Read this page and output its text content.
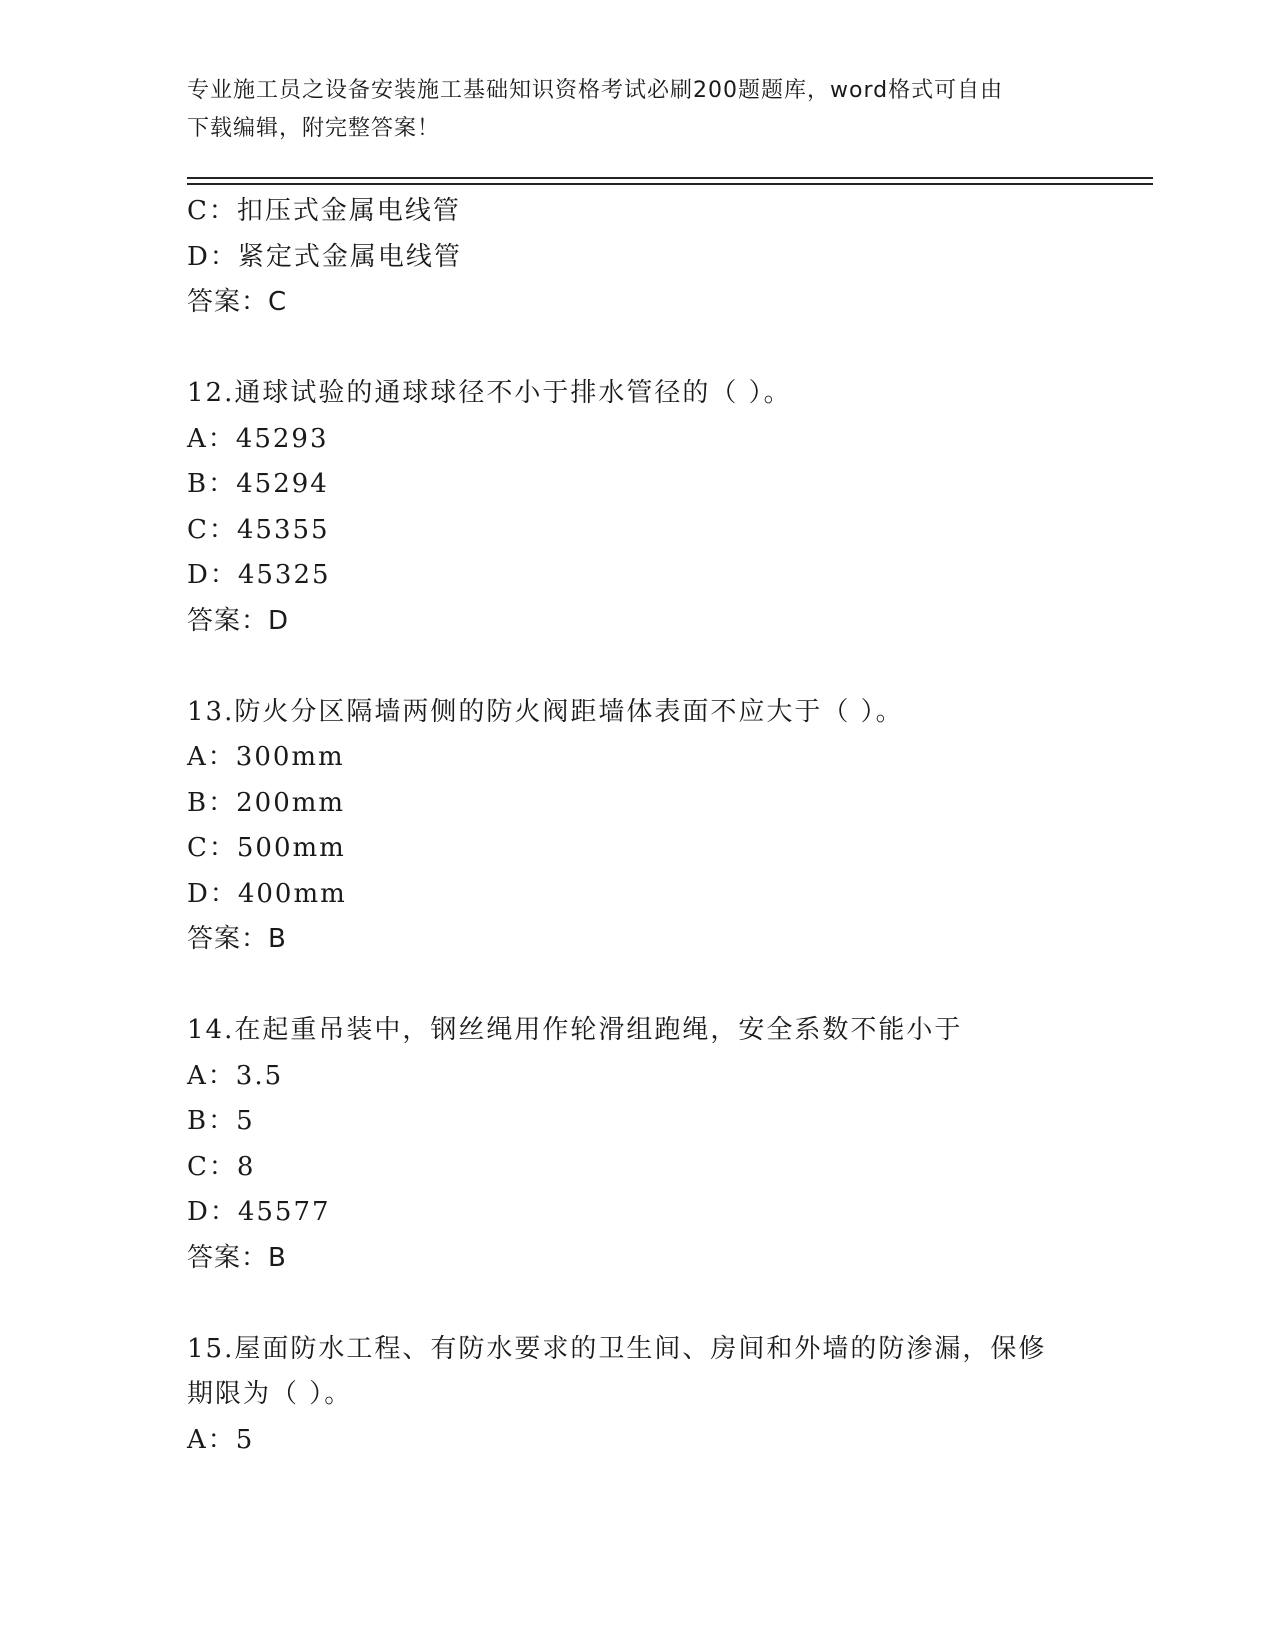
专业施工员之设备安装施工基础知识资格考试必刷200题题库，word格式可自由
下载编辑，附完整答案！
C：扣压式金属电线管
D：紧定式金属电线管
答案：C
12.通球试验的通球球径不小于排水管径的（ ）。
A：45293
B：45294
C：45355
D：45325
答案：D
13.防火分区隔墙两侧的防火阀距墙体表面不应大于（ ）。
A：300mm
B：200mm
C：500mm
D：400mm
答案：B
14.在起重吊装中，钢丝绳用作轮滑组跑绳，安全系数不能小于
A：3.5
B：5
C：8
D：45577
答案：B
15.屋面防水工程、有防水要求的卫生间、房间和外墙的防渗漏，保修
期限为（ ）。
A：5
